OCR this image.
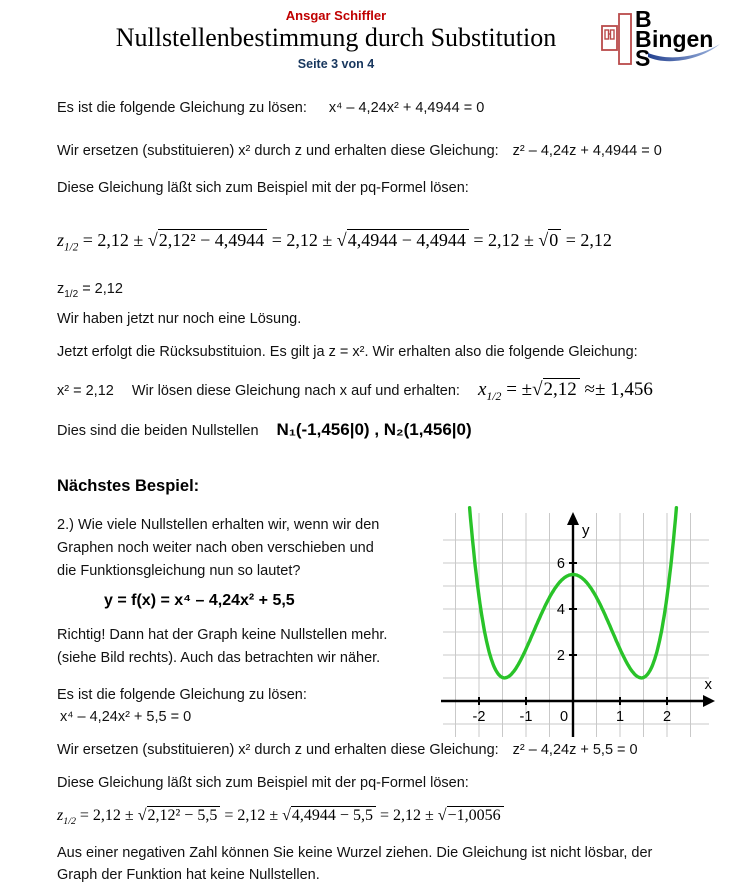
Ansgar Schiffler
Nullstellenbestimmung durch Substitution
Seite 3 von 4
B
B
S
ingen
Es ist die folgende Gleichung zu lösen: x⁴ – 4,24x² + 4,4944 = 0
Wir ersetzen (substituieren) x² durch z und erhalten diese Gleichung: z² – 4,24z + 4,4944 = 0
Diese Gleichung läßt sich zum Beispiel mit der pq-Formel lösen:
$z_{1/2} = 2,12$ ± √ 2,12² − 4,4944 = 2,12 ± √ 4,4944 − 4,4944 = 2,12 ± √ 0 = 2,12
$z_{1/2} = 2,12$
Wir haben jetzt nur noch eine Lösung.
Jetzt erfolgt die Rücksubstituion. Es gilt ja z = x². Wir erhalten also die folgende Gleichung:
x² = 2,12 Wir lösen diese Gleichung nach x auf und erhalten: $x_{1/2}$ = ± √ 2,12 ≈± 1,456
Dies sind die beiden Nullstellen N₁(-1,456|0) , N₂(1,456|0)
Nächstes Bespiel:
2.) Wie viele Nullstellen erhalten wir, wenn wir den
Graphen noch weiter nach oben verschieben und
die Funktionsgleichung nun so lautet?
y = f(x) = x⁴ – 4,24x² + 5,5
Richtig! Dann hat der Graph keine Nullstellen mehr.
(siehe Bild rechts). Auch das betrachten wir näher.
Es ist die folgende Gleichung zu lösen:
x⁴ – 4,24x² + 5,5 = 0
Wir ersetzen (substituieren) x² durch z und erhalten diese Gleichung: z² – 4,24z + 5,5 = 0
Diese Gleichung läßt sich zum Beispiel mit der pq-Formel lösen:
$z_{1/2} = 2,12$ ± √ 2,12² − 5,5 = 2,12 ± √ 4,4944 − 5,5 = 2,12 ± √ −1,0056
Aus einer negativen Zahl können Sie keine Wurzel ziehen. Die Gleichung ist nicht lösbar, der
Graph der Funktion hat keine Nullstellen.
-2 -1 0	1	2
2
4
6
x
y
